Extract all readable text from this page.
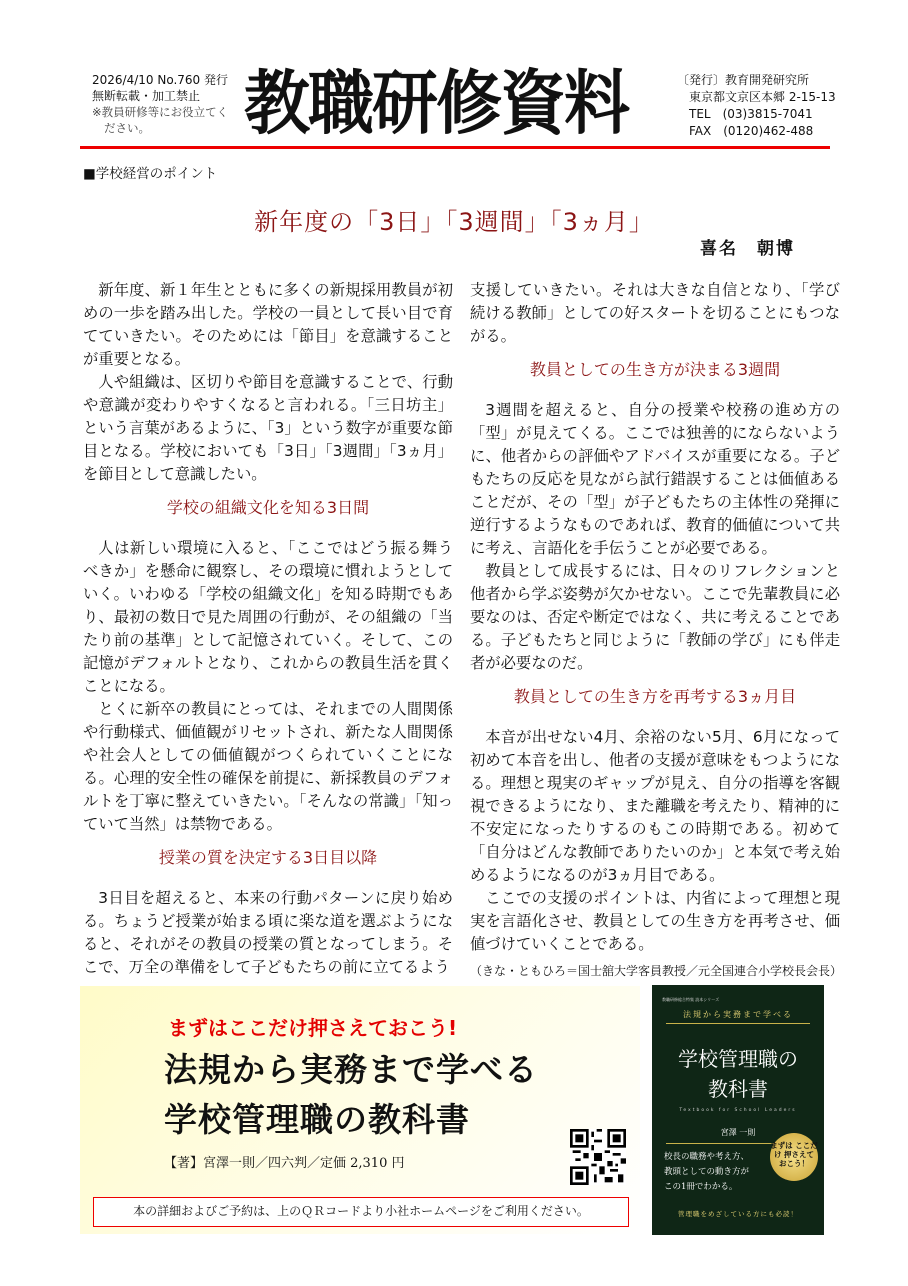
2026/4/10 No.760 発行
無断転載・加工禁止
※教員研修等にお役立てく
ださい。	教職研修資料	〔発行〕教育開発研究所
東京都文京区本郷 2-15-13
TEL　(03)3815-7041
FAX　(0120)462-488
■学校経営のポイント
新年度の「3日」「3週間」「3ヵ月」
喜名　朝博

新年度、新１年生とともに多くの新規採用教員が初めの一歩を踏み出した。学校の一員として長い目で育てていきたい。そのためには「節目」を意識することが重要となる。

人や組織は、区切りや節目を意識することで、行動や意識が変わりやすくなると言われる。「三日坊主」という言葉があるように、「3」という数字が重要な節目となる。学校においても「3日」「3週間」「3ヵ月」を節目として意識したい。

学校の組織文化を知る3日間

人は新しい環境に入ると、「ここではどう振る舞うべきか」を懸命に観察し、その環境に慣れようとしていく。いわゆる「学校の組織文化」を知る時期でもあり、最初の数日で見た周囲の行動が、その組織の「当たり前の基準」として記憶されていく。そして、この記憶がデフォルトとなり、これからの教員生活を貫くことになる。

とくに新卒の教員にとっては、それまでの人間関係や行動様式、価値観がリセットされ、新たな人間関係や社会人としての価値観がつくられていくことになる。心理的安全性の確保を前提に、新採教員のデフォルトを丁寧に整えていきたい。「そんなの常識」「知っていて当然」は禁物である。

授業の質を決定する3日目以降

3日目を超えると、本来の行動パターンに戻り始める。ちょうど授業が始まる頃に楽な道を選ぶようになると、それがその教員の授業の質となってしまう。そこで、万全の準備をして子どもたちの前に立てるよう

支援していきたい。それは大きな自信となり、「学び続ける教師」としての好スタートを切ることにもつながる。

教員としての生き方が決まる3週間

3週間を超えると、自分の授業や校務の進め方の「型」が見えてくる。ここでは独善的にならないように、他者からの評価やアドバイスが重要になる。子どもたちの反応を見ながら試行錯誤することは価値あることだが、その「型」が子どもたちの主体性の発揮に逆行するようなものであれば、教育的価値について共に考え、言語化を手伝うことが必要である。

教員として成長するには、日々のリフレクションと他者から学ぶ姿勢が欠かせない。ここで先輩教員に必要なのは、否定や断定ではなく、共に考えることである。子どもたちと同じように「教師の学び」にも伴走者が必要なのだ。

教員としての生き方を再考する3ヵ月目

本音が出せない4月、余裕のない5月、6月になって初めて本音を出し、他者の支援が意味をもつようになる。理想と現実のギャップが見え、自分の指導を客観視できるようになり、また離職を考えたり、精神的に不安定になったりするのもこの時期である。初めて「自分はどんな教師でありたいのか」と本気で考え始めるようになるのが3ヵ月目である。

ここでの支援のポイントは、内省によって理想と現実を言語化させ、教員としての生き方を再考させ、価値づけていくことである。

（きな・ともひろ＝国士舘大学客員教授／元全国連合小学校長会長）
まずはここだけ押さえておこう!
法規から実務まで学べる
学校管理職の教科書
【著】宮澤一則／四六判／定価 2,310 円
本の詳細およびご予約は、上のＱＲコードより小社ホームページをご利用ください。
教職研修総合特集 読本シリーズ
法規から実務まで学べる
学校管理職の
教科書
Textbook for School Leaders
宮澤 一則
校長の職務や考え方、
教頭としての動き方が
この1冊でわかる。
まずは ここだけ 押さえて おこう！
管理職をめざしている方にも必読！
